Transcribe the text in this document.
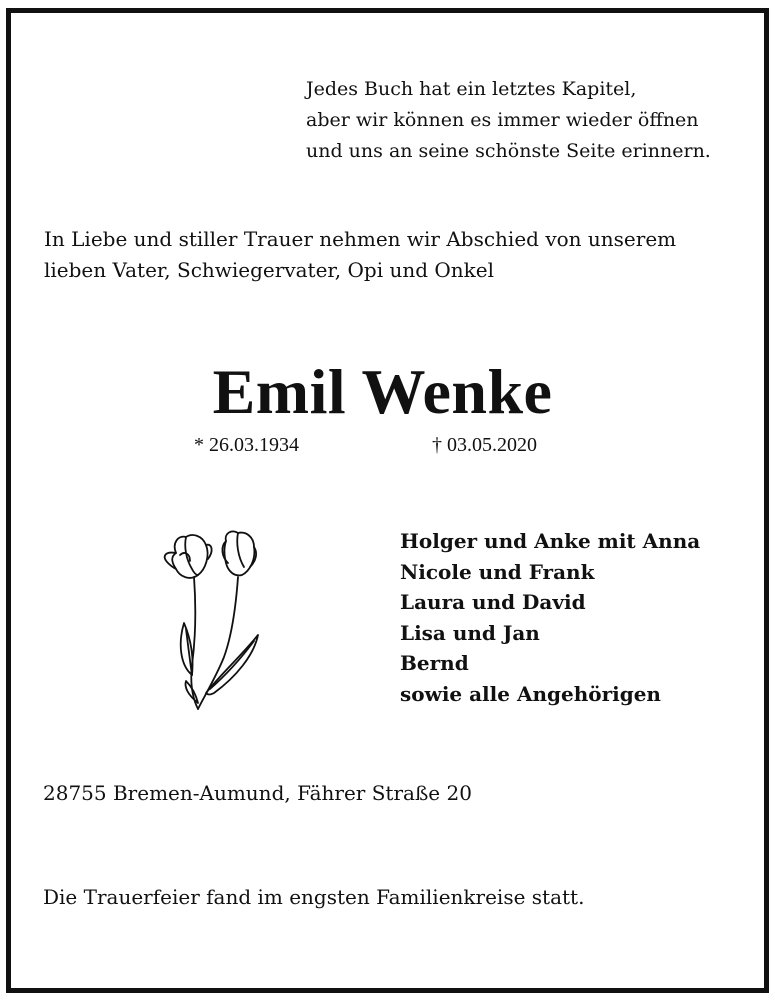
Jedes Buch hat ein letztes Kapitel,
aber wir können es immer wieder öffnen
und uns an seine schönste Seite erinnern.
In Liebe und stiller Trauer nehmen wir Abschied von unserem
lieben Vater, Schwiegervater, Opi und Onkel
Emil Wenke
* 26.03.1934	† 03.05.2020
Holger und Anke mit Anna
Nicole und Frank
Laura und David
Lisa und Jan
Bernd
sowie alle Angehörigen
28755 Bremen-Aumund, Fährer Straße 20
Die Trauerfeier fand im engsten Familienkreise statt.
